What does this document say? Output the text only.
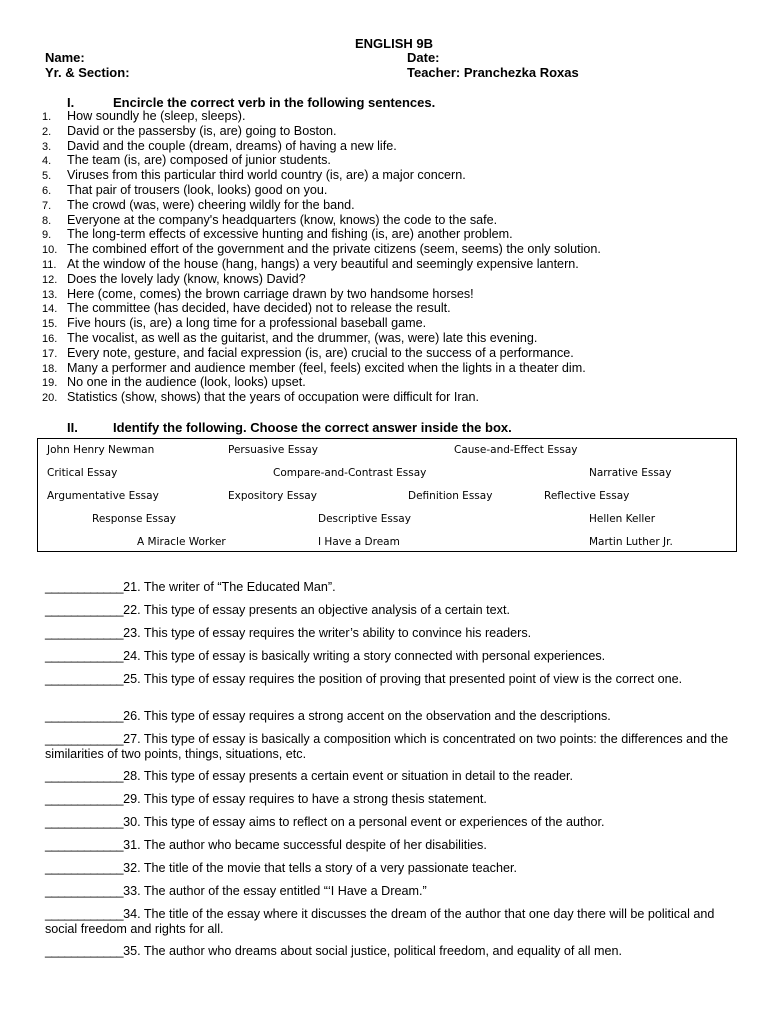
ENGLISH 9B
Name:	Date:
Yr. & Section:	Teacher: Pranchezka Roxas
I.	Encircle the correct verb in the following sentences.
1. How soundly he (sleep, sleeps).
2. David or the passersby (is, are) going to Boston.
3. David and the couple (dream, dreams) of having a new life.
4. The team (is, are) composed of junior students.
5. Viruses from this particular third world country (is, are) a major concern.
6. That pair of trousers (look, looks) good on you.
7. The crowd (was, were) cheering wildly for the band.
8. Everyone at the company's headquarters (know, knows) the code to the safe.
9. The long-term effects of excessive hunting and fishing (is, are) another problem.
10. The combined effort of the government and the private citizens (seem, seems) the only solution.
11. At the window of the house (hang, hangs) a very beautiful and seemingly expensive lantern.
12. Does the lovely lady (know, knows) David?
13. Here (come, comes) the brown carriage drawn by two handsome horses!
14. The committee (has decided, have decided) not to release the result.
15. Five hours (is, are) a long time for a professional baseball game.
16. The vocalist, as well as the guitarist, and the drummer, (was, were) late this evening.
17. Every note, gesture, and facial expression (is, are) crucial to the success of a performance.
18. Many a performer and audience member (feel, feels) excited when the lights in a theater dim.
19. No one in the audience (look, looks) upset.
20. Statistics (show, shows) that the years of occupation were difficult for Iran.
II.	Identify the following. Choose the correct answer inside the box.
John Henry Newman	Persuasive Essay	Cause-and-Effect Essay
Critical Essay	Compare-and-Contrast Essay	Narrative Essay
Argumentative Essay	Expository Essay	Definition Essay	Reflective Essay
Response Essay	Descriptive Essay	Hellen Keller
A Miracle Worker	I Have a Dream	Martin Luther Jr.
____________21. The writer of “The Educated Man”.
____________22. This type of essay presents an objective analysis of a certain text.
____________23. This type of essay requires the writer’s ability to convince his readers.
____________24. This type of essay is basically writing a story connected with personal experiences.
____________25. This type of essay requires the position of proving that presented point of view is the correct one.
____________26. This type of essay requires a strong accent on the observation and the descriptions.
____________27. This type of essay is basically a composition which is concentrated on two points: the differences and the similarities of two points, things, situations, etc.
____________28. This type of essay presents a certain event or situation in detail to the reader.
____________29. This type of essay requires to have a strong thesis statement.
____________30. This type of essay aims to reflect on a personal event or experiences of the author.
____________31. The author who became successful despite of her disabilities.
____________32. The title of the movie that tells a story of a very passionate teacher.
____________33. The author of the essay entitled “‘I Have a Dream.”
____________34. The title of the essay where it discusses the dream of the author that one day there will be political and social freedom and rights for all.
____________35. The author who dreams about social justice, political freedom, and equality of all men.
